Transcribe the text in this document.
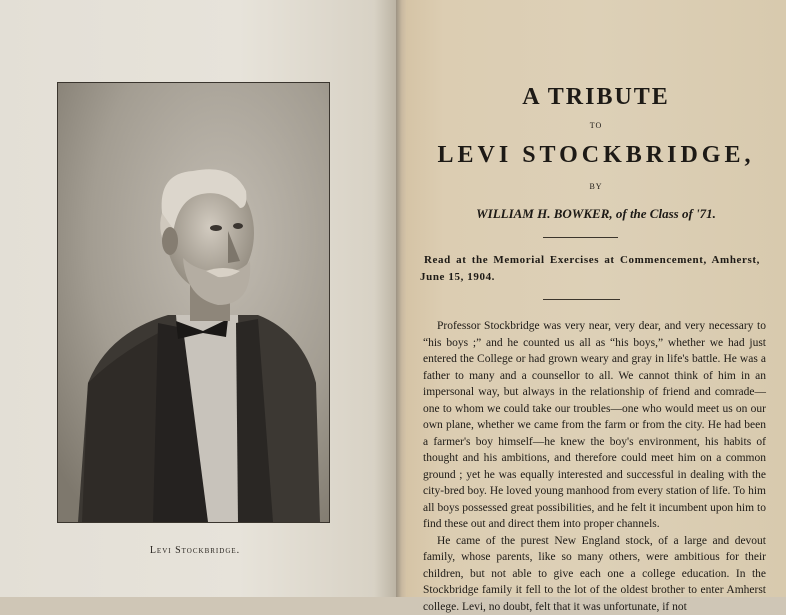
Levi Stockbridge.
A TRIBUTE
TO
LEVI STOCKBRIDGE,
BY
WILLIAM H. BOWKER, of the Class of '71.
Read at the Memorial Exercises at Commencement, Amherst, June 15, 1904.

Professor Stockbridge was very near, very dear, and very necessary to “his boys ;” and he counted us all as “his boys,” whether we had just entered the College or had grown weary and gray in life's battle. He was a father to many and a counsellor to all. We cannot think of him in an impersonal way, but always in the relationship of friend and comrade—one to whom we could take our troubles—one who would meet us on our own plane, whether we came from the farm or from the city. He had been a farmer's boy himself—he knew the boy's environment, his habits of thought and his ambitions, and therefore could meet him on a common ground ; yet he was equally interested and successful in dealing with the city-bred boy. He loved young manhood from every station of life. To him all boys possessed great possibilities, and he felt it incumbent upon him to find these out and direct them into proper channels.

He came of the purest New England stock, of a large and devout family, whose parents, like so many others, were ambitious for their children, but not able to give each one a college education. In the Stockbridge family it fell to the lot of the oldest brother to enter Amherst college. Levi, no doubt, felt that it was unfortunate, if not
